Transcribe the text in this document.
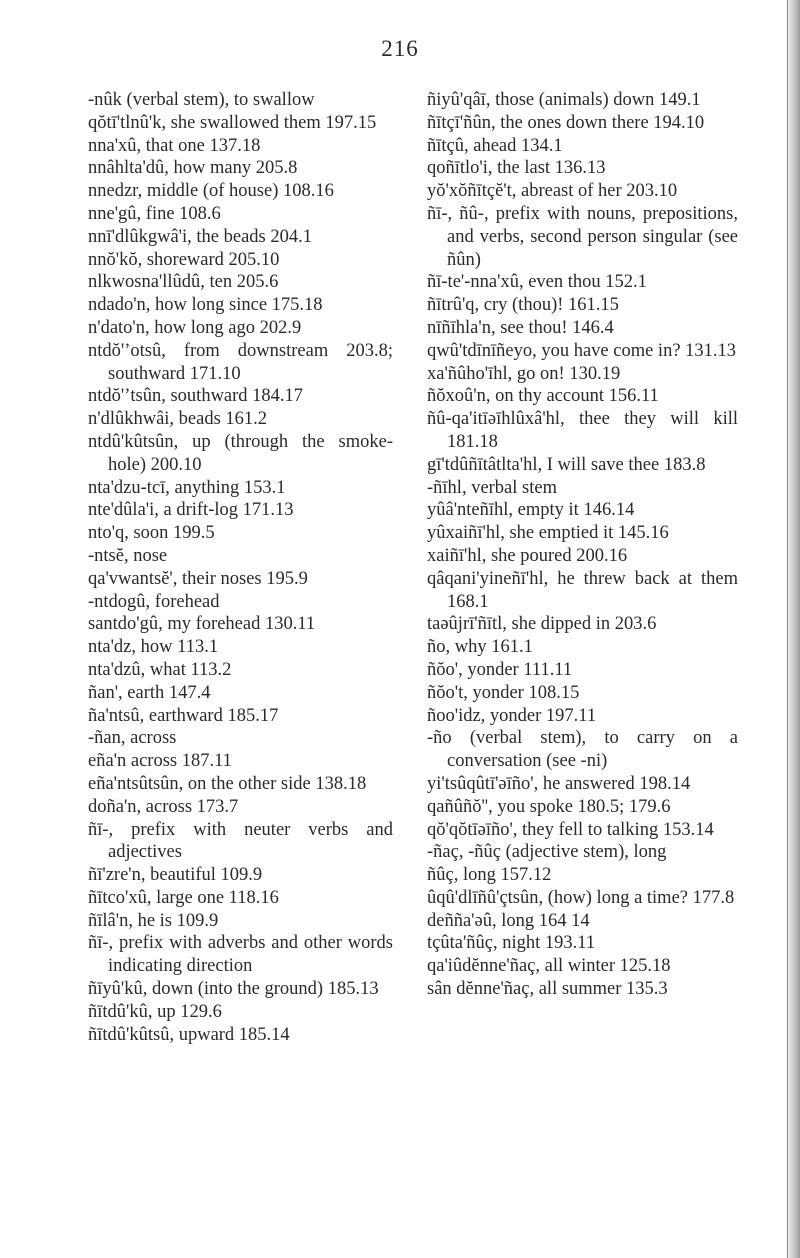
216

-nûk (verbal stem), to swallow

qŏtī'tlnû'k, she swallowed them 197.15

nna'xû, that one 137.18

nnâhlta'dû, how many 205.8

nnedzr, middle (of house) 108.16

nne'gû, fine 108.6

nnī'dlûkgwâ'i, the beads 204.1

nnŏ'kŏ, shoreward 205.10

nlkwosna'llûdû, ten 205.6

ndado'n, how long since 175.18

n'dato'n, how long ago 202.9

ntdŏ'ʼotsû, from downstream 203.8; southward 171.10

ntdŏ'ʼtsûn, southward 184.17

n'dlûkhwâi, beads 161.2

ntdû'kûtsûn, up (through the smoke-hole) 200.10

nta'dzu-tcī, anything 153.1

nte'dûla'i, a drift-log 171.13

nto'q, soon 199.5

-ntsĕ, nose

qa'vwantsĕ', their noses 195.9

-ntdogû, forehead

santdo'gû, my forehead 130.11

nta'dz, how 113.1

nta'dzû, what 113.2

ñan', earth 147.4

ña'ntsû, earthward 185.17

-ñan, across

eña'n across 187.11

eña'ntsûtsûn, on the other side 138.18

doña'n, across 173.7

ñī-, prefix with neuter verbs and adjectives

ñī'zre'n, beautiful 109.9

ñītco'xû, large one 118.16

ñīlâ'n, he is 109.9

ñī-, prefix with adverbs and other words indicating direction

ñīyû'kû, down (into the ground) 185.13

ñītdû'kû, up 129.6

ñītdû'kûtsû, upward 185.14

ñiyû'qâī, those (animals) down 149.1

ñītçī'ñûn, the ones down there 194.10

ñītçû, ahead 134.1

qoñītlo'i, the last 136.13

yŏ'xŏñītçĕ't, abreast of her 203.10

ñī-, ñû-, prefix with nouns, prepositions, and verbs, second person singular (see ñûn)

ñī-te'-nna'xû, even thou 152.1

ñītrû'q, cry (thou)! 161.15

nīñīhla'n, see thou! 146.4

qwû'tdīnīñeyo, you have come in? 131.13

xa'ñûho'īhl, go on! 130.19

ñŏxoû'n, on thy account 156.11

ñû-qa'itīəīhlûxâ'hl, thee they will kill 181.18

gī'tdûñītâtlta'hl, I will save thee 183.8

-ñīhl, verbal stem

yûâ'nteñīhl, empty it 146.14

yûxaiñī'hl, she emptied it 145.16

xaiñī'hl, she poured 200.16

qâqani'yineñī'hl, he threw back at them 168.1

taəûjrī'ñītl, she dipped in 203.6

ño, why 161.1

ñŏo', yonder 111.11

ñŏo't, yonder 108.15

ñoo'idz, yonder 197.11

-ño (verbal stem), to carry on a conversation (see -ni)

yi'tsûqûtī'əīño', he answered 198.14

qañûñŏ'', you spoke 180.5; 179.6

qŏ'qŏtīəīño', they fell to talking 153.14

-ñaç, -ñûç (adjective stem), long

ñûç, long 157.12

ûqû'dlīñû'çtsûn, (how) long a time? 177.8

deñña'əû, long 164 14

tçûta'ñûç, night 193.11

qa'iûdĕnne'ñaç, all winter 125.18

sân dĕnne'ñaç, all summer 135.3
